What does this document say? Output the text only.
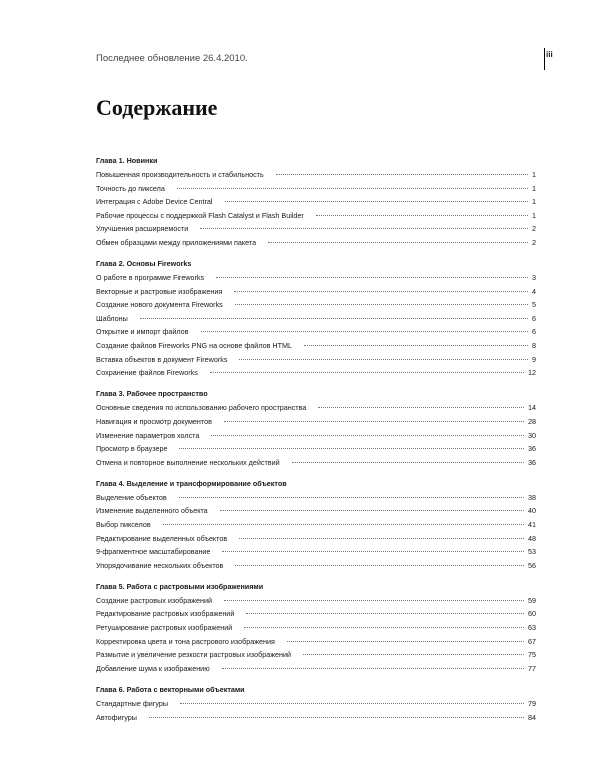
Последнее обновление 26.4.2010.	iii
Содержание
Глава 1. Новинки
Повышенная производительность и стабильность	1
Точность до пиксела	1
Интеграция с Adobe Device Central	1
Рабочие процессы с поддержкой Flash Catalyst и Flash Builder	1
Улучшения расширяемости	2
Обмен образцами между приложениями пакета	2
Глава 2. Основы Fireworks
О работе в программе Fireworks	3
Векторные и растровые изображения	4
Создание нового документа Fireworks	5
Шаблоны	6
Открытие и импорт файлов	6
Создание файлов Fireworks PNG на основе файлов HTML	8
Вставка объектов в документ Fireworks	9
Сохранение файлов Fireworks	12
Глава 3. Рабочее пространство
Основные сведения по использованию рабочего пространства	14
Навигация и просмотр документов	28
Изменение параметров холста	30
Просмотр в браузере	36
Отмена и повторное выполнение нескольких действий	36
Глава 4. Выделение и трансформирование объектов
Выделение объектов	38
Изменение выделенного объекта	40
Выбор пикселов	41
Редактирование выделенных объектов	48
9-фрагментное масштабирование	53
Упорядочивание нескольких объектов	56
Глава 5. Работа с растровыми изображениями
Создание растровых изображений	59
Редактирование растровых изображений	60
Ретуширование растровых изображений	63
Корректировка цвета и тона растрового изображения	67
Размытие и увеличение резкости растровых изображений	75
Добавление шума к изображению	77
Глава 6. Работа с векторными объектами
Стандартные фигуры	79
Автофигуры	84
